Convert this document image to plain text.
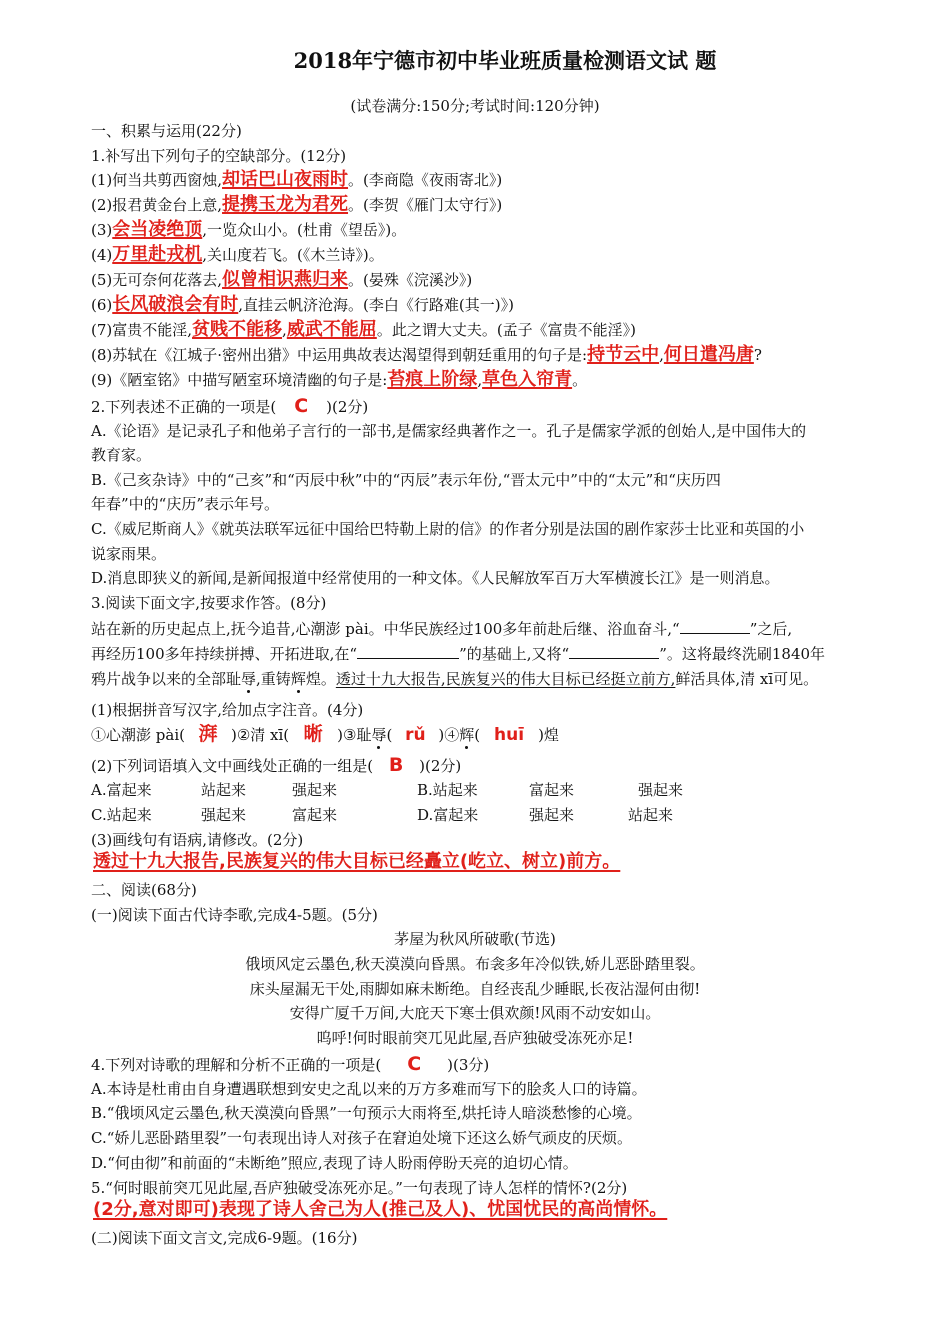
2018年宁德市初中毕业班质量检测语文试 题
(试卷满分:150分;考试时间:120分钟)
一、积累与运用(22分)
1.补写出下列句子的空缺部分。(12分)
(1)何当共剪西窗烛,却话巴山夜雨时。(李商隐《夜雨寄北》)
(2)报君黄金台上意,提携玉龙为君死。(李贺《雁门太守行》)
(3)会当凌绝顶,一览众山小。(杜甫《望岳》)。
(4)万里赴戎机,关山度若飞。(《木兰诗》)。
(5)无可奈何花落去,似曾相识燕归来。(晏殊《浣溪沙》)
(6)长风破浪会有时,直挂云帆济沧海。(李白《行路难(其一)》)
(7)富贵不能淫,贫贱不能移,威武不能屈。此之谓大丈夫。(孟子《富贵不能淫》)
(8)苏轼在《江城子·密州出猎》中运用典故表达渴望得到朝廷重用的句子是:持节云中,何日遣冯唐?
(9)《陋室铭》中描写陋室环境清幽的句子是:苔痕上阶绿,草色入帘青。
2.下列表述不正确的一项是( C )(2分)
A.《论语》是记录孔子和他弟子言行的一部书,是儒家经典著作之一。孔子是儒家学派的创始人,是中国伟大的
教育家。
B.《己亥杂诗》中的“己亥”和“丙辰中秋”中的“丙辰”表示年份,“晋太元中”中的“太元”和“庆历四
年春”中的“庆历”表示年号。
C.《威尼斯商人》《就英法联军远征中国给巴特勒上尉的信》的作者分别是法国的剧作家莎士比亚和英国的小
说家雨果。
D.消息即狭义的新闻,是新闻报道中经常使用的一种文体。《人民解放军百万大军横渡长江》是一则消息。
3.阅读下面文字,按要求作答。(8分)
站在新的历史起点上,抚今追昔,心潮澎 pài。中华民族经过100多年前赴后继、浴血奋斗,“	”之后,
再经历100多年持续拼搏、开拓进取,在“	”的基础上,又将“	”。这将最终洗刷1840年
鸦片战争以来的全部耻辱,重铸辉煌。透过十九大报告,民族复兴的伟大目标已经挺立前方,鲜活具体,清 xī可见。
(1)根据拼音写汉字,给加点字注音。(4分)
①心潮澎 pài( 湃 )②清 xī( 晰 )③耻辱( rǔ )④辉( huī )煌
(2)下列词语填入文中画线处正确的一组是( B )(2分)
A.富起来	站起来	强起来	B.站起来	富起来	强起来
C.站起来	强起来	富起来	D.富起来	强起来	站起来
(3)画线句有语病,请修改。(2分)
透过十九大报告,民族复兴的伟大目标已经矗立(屹立、树立)前方。
二、阅读(68分)
(一)阅读下面古代诗李歌,完成4-5题。(5分)
茅屋为秋风所破歌(节选)
俄顷风定云墨色,秋天漠漠向昏黑。布衾多年冷似铁,娇儿恶卧踏里裂。
床头屋漏无干处,雨脚如麻未断绝。自经丧乱少睡眠,长夜沾湿何由彻!
安得广厦千万间,大庇天下寒士俱欢颜!风雨不动安如山。
呜呼!何时眼前突兀见此屋,吾庐独破受冻死亦足!
4.下列对诗歌的理解和分析不正确的一项是( C )(3分)
A.本诗是杜甫由自身遭遇联想到安史之乱以来的万方多难而写下的脍炙人口的诗篇。
B.“俄顷风定云墨色,秋天漠漠向昏黑”一句预示大雨将至,烘托诗人暗淡愁惨的心境。
C.“娇儿恶卧踏里裂”一句表现出诗人对孩子在窘迫处境下还这么娇气顽皮的厌烦。
D.“何由彻”和前面的“未断绝”照应,表现了诗人盼雨停盼天亮的迫切心情。
5.“何时眼前突兀见此屋,吾庐独破受冻死亦足。”一句表现了诗人怎样的情怀?(2分)
(2分,意对即可)表现了诗人舍己为人(推己及人)、忧国忧民的高尚情怀。
(二)阅读下面文言文,完成6-9题。(16分)
